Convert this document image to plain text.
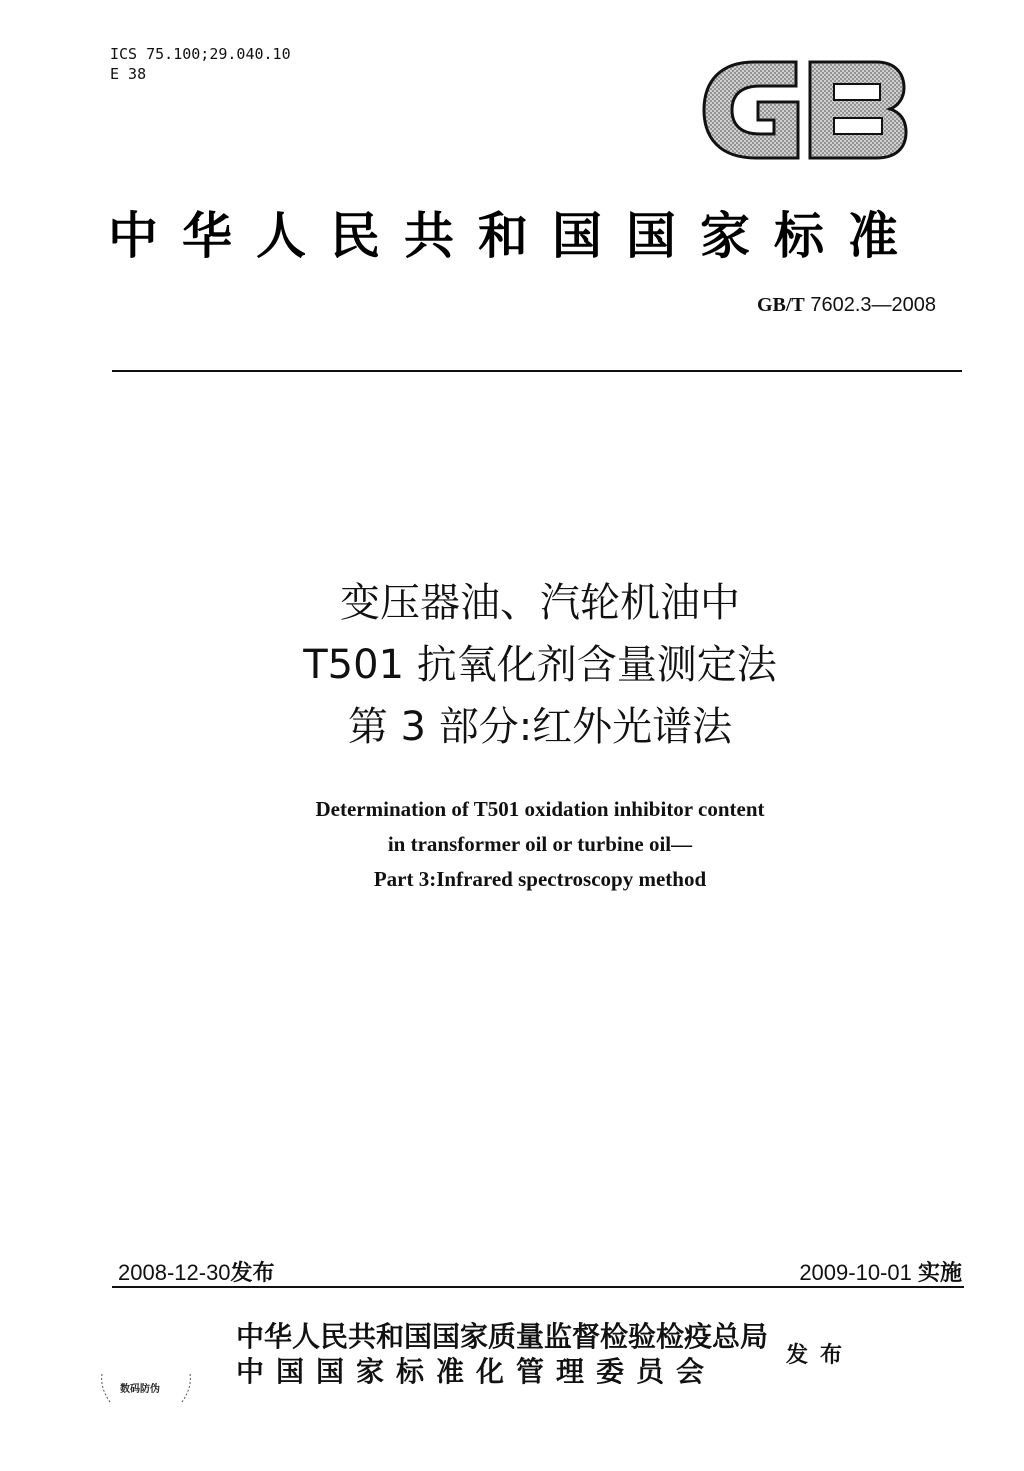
ICS 75.100;29.040.10
E 38
中华人民共和国国家标准
GB/T 7602.3—2008
变压器油、汽轮机油中
T501 抗氧化剂含量测定法
第 3 部分:红外光谱法
Determination of T501 oxidation inhibitor content
in transformer oil or turbine oil—
Part 3:Infrared spectroscopy method
2008-12-30发布	2009-10-01 实施
中华人民共和国国家质量监督检验检疫总局
中国国家标准化管理委员会	发布
数码防伪
